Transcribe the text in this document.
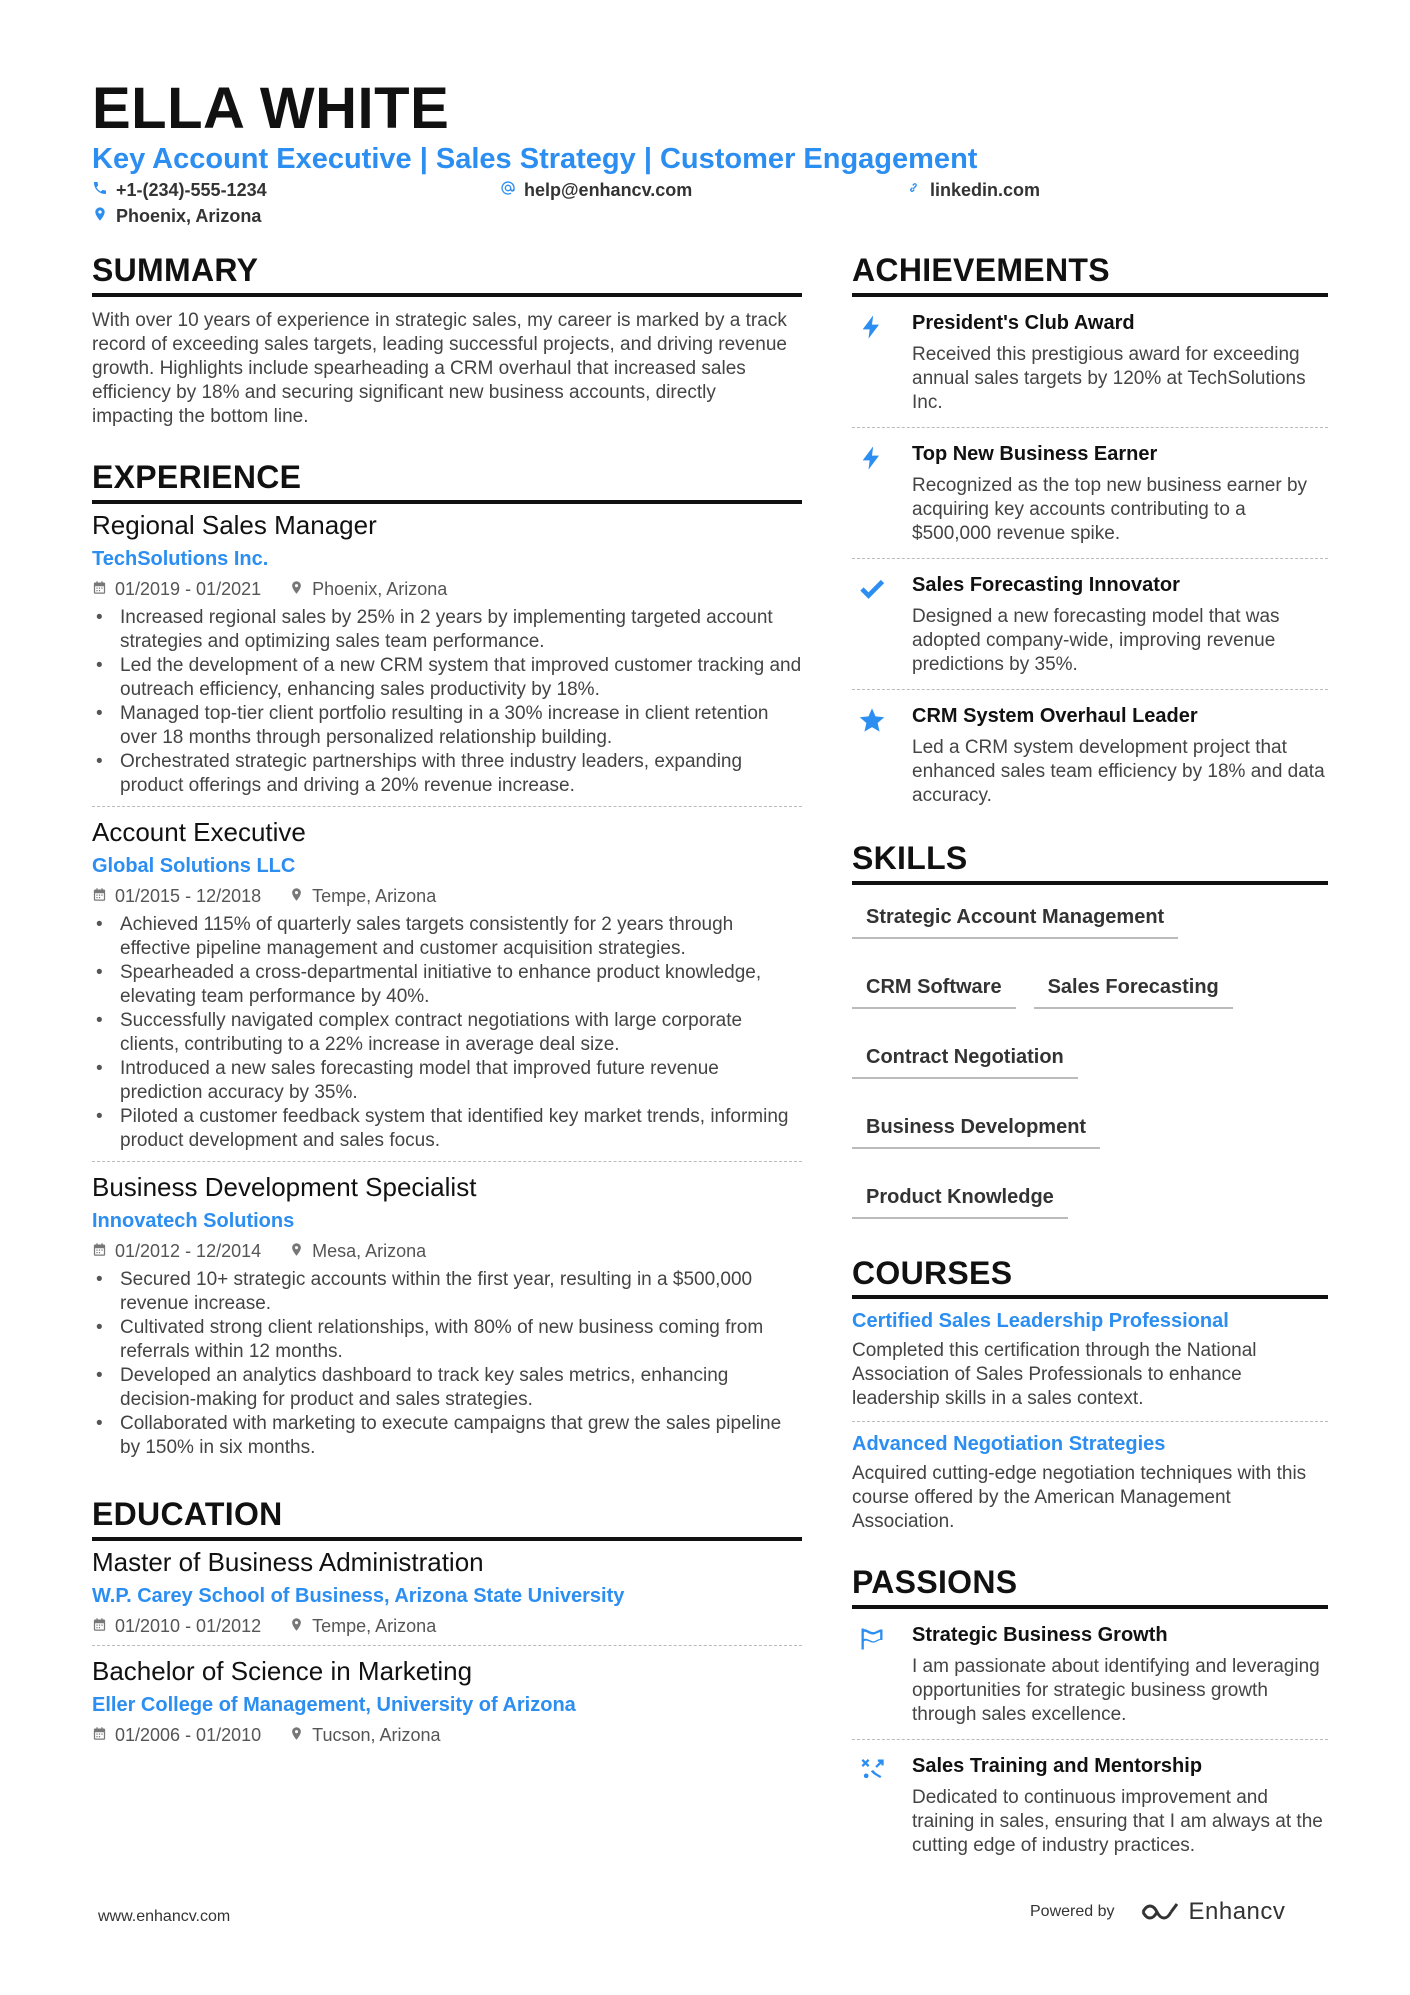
ELLA WHITE
Key Account Executive | Sales Strategy | Customer Engagement
+1-(234)-555-1234	help@enhancv.com	linkedin.com
Phoenix, Arizona
SUMMARY
With over 10 years of experience in strategic sales, my career is marked by a track record of exceeding sales targets, leading successful projects, and driving revenue growth. Highlights include spearheading a CRM overhaul that increased sales efficiency by 18% and securing significant new business accounts, directly impacting the bottom line.
EXPERIENCE
Regional Sales Manager
TechSolutions Inc.
01/2019 - 01/2021	Phoenix, Arizona
• Increased regional sales by 25% in 2 years by implementing targeted account strategies and optimizing sales team performance.
• Led the development of a new CRM system that improved customer tracking and outreach efficiency, enhancing sales productivity by 18%.
• Managed top-tier client portfolio resulting in a 30% increase in client retention over 18 months through personalized relationship building.
• Orchestrated strategic partnerships with three industry leaders, expanding product offerings and driving a 20% revenue increase.
Account Executive
Global Solutions LLC
01/2015 - 12/2018	Tempe, Arizona
• Achieved 115% of quarterly sales targets consistently for 2 years through effective pipeline management and customer acquisition strategies.
• Spearheaded a cross-departmental initiative to enhance product knowledge, elevating team performance by 40%.
• Successfully navigated complex contract negotiations with large corporate clients, contributing to a 22% increase in average deal size.
• Introduced a new sales forecasting model that improved future revenue prediction accuracy by 35%.
• Piloted a customer feedback system that identified key market trends, informing product development and sales focus.
Business Development Specialist
Innovatech Solutions
01/2012 - 12/2014	Mesa, Arizona
• Secured 10+ strategic accounts within the first year, resulting in a $500,000 revenue increase.
• Cultivated strong client relationships, with 80% of new business coming from referrals within 12 months.
• Developed an analytics dashboard to track key sales metrics, enhancing decision-making for product and sales strategies.
• Collaborated with marketing to execute campaigns that grew the sales pipeline by 150% in six months.
EDUCATION
Master of Business Administration
W.P. Carey School of Business, Arizona State University
01/2010 - 01/2012	Tempe, Arizona
Bachelor of Science in Marketing
Eller College of Management, University of Arizona
01/2006 - 01/2010	Tucson, Arizona
ACHIEVEMENTS
President's Club Award
Received this prestigious award for exceeding annual sales targets by 120% at TechSolutions Inc.
Top New Business Earner
Recognized as the top new business earner by acquiring key accounts contributing to a $500,000 revenue spike.
Sales Forecasting Innovator
Designed a new forecasting model that was adopted company-wide, improving revenue predictions by 35%.
CRM System Overhaul Leader
Led a CRM system development project that enhanced sales team efficiency by 18% and data accuracy.
SKILLS
Strategic Account Management
CRM Software	Sales Forecasting
Contract Negotiation
Business Development
Product Knowledge
COURSES
Certified Sales Leadership Professional
Completed this certification through the National Association of Sales Professionals to enhance leadership skills in a sales context.
Advanced Negotiation Strategies
Acquired cutting-edge negotiation techniques with this course offered by the American Management Association.
PASSIONS
Strategic Business Growth
I am passionate about identifying and leveraging opportunities for strategic business growth through sales excellence.
Sales Training and Mentorship
Dedicated to continuous improvement and training in sales, ensuring that I am always at the cutting edge of industry practices.
www.enhancv.com	Powered by	Enhancv
